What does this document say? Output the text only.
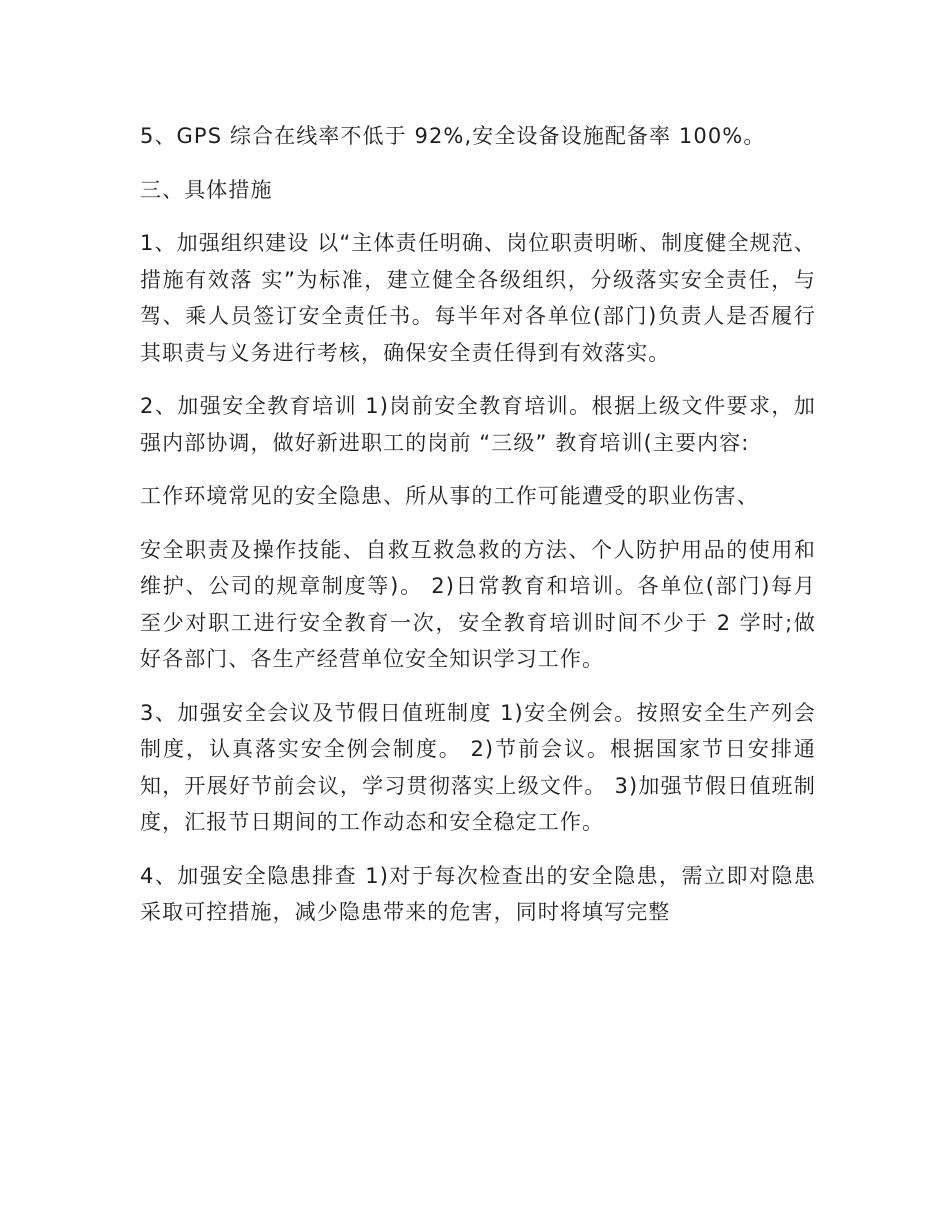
5、GPS 综合在线率不低于 92%,安全设备设施配备率 100%。

三、具体措施

1、加强组织建设 以“主体责任明确、岗位职责明晰、制度健全规范、措施有效落 实”为标准，建立健全各级组织，分级落实安全责任，与驾、乘人员签订安全责任书。每半年对各单位(部门)负责人是否履行其职责与义务进行考核，确保安全责任得到有效落实。

2、加强安全教育培训 1)岗前安全教育培训。根据上级文件要求，加强内部协调，做好新进职工的岗前 “三级” 教育培训(主要内容:

工作环境常见的安全隐患、所从事的工作可能遭受的职业伤害、

安全职责及操作技能、自救互救急救的方法、个人防护用品的使用和维护、公司的规章制度等)。 2)日常教育和培训。各单位(部门)每月至少对职工进行安全教育一次，安全教育培训时间不少于 2 学时;做好各部门、各生产经营单位安全知识学习工作。

3、加强安全会议及节假日值班制度 1)安全例会。按照安全生产列会制度，认真落实安全例会制度。 2)节前会议。根据国家节日安排通知，开展好节前会议，学习贯彻落实上级文件。 3)加强节假日值班制度，汇报节日期间的工作动态和安全稳定工作。

4、加强安全隐患排查 1)对于每次检查出的安全隐患，需立即对隐患采取可控措施，减少隐患带来的危害，同时将填写完整
